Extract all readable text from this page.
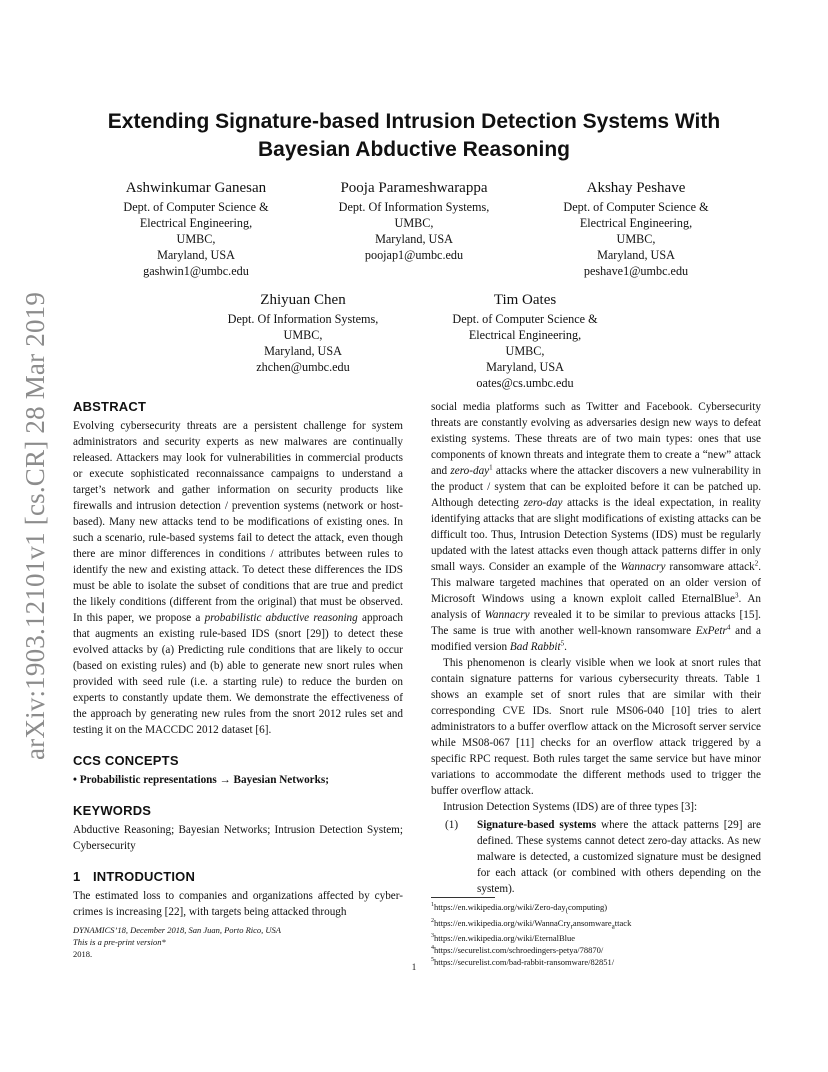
arXiv:1903.12101v1 [cs.CR] 28 Mar 2019
Extending Signature-based Intrusion Detection Systems With
Bayesian Abductive Reasoning
Ashwinkumar Ganesan
Dept. of Computer Science &
Electrical Engineering,
UMBC,
Maryland, USA
gashwin1@umbc.edu
Pooja Parameshwarappa
Dept. Of Information Systems,
UMBC,
Maryland, USA
poojap1@umbc.edu
Akshay Peshave
Dept. of Computer Science &
Electrical Engineering,
UMBC,
Maryland, USA
peshave1@umbc.edu
Zhiyuan Chen
Dept. Of Information Systems,
UMBC,
Maryland, USA
zhchen@umbc.edu
Tim Oates
Dept. of Computer Science &
Electrical Engineering,
UMBC,
Maryland, USA
oates@cs.umbc.edu
ABSTRACT

Evolving cybersecurity threats are a persistent challenge for system administrators and security experts as new malwares are continually released. Attackers may look for vulnerabilities in commercial products or execute sophisticated reconnaissance campaigns to understand a target’s network and gather information on security products like firewalls and intrusion detection / prevention systems (network or host-based). Many new attacks tend to be modifications of existing ones. In such a scenario, rule-based systems fail to detect the attack, even though there are minor differences in conditions / attributes between rules to identify the new and existing attack. To detect these differences the IDS must be able to isolate the subset of conditions that are true and predict the likely conditions (different from the original) that must be observed. In this paper, we propose a probabilistic abductive reasoning approach that augments an existing rule-based IDS (snort [29]) to detect these evolved attacks by (a) Predicting rule conditions that are likely to occur (based on existing rules) and (b) able to generate new snort rules when provided with seed rule (i.e. a starting rule) to reduce the burden on experts to constantly update them. We demonstrate the effectiveness of the approach by generating new rules from the snort 2012 rules set and testing it on the MACCDC 2012 dataset [6].

CCS CONCEPTS

• Probabilistic representations → Bayesian Networks;

KEYWORDS

Abductive Reasoning; Bayesian Networks; Intrusion Detection System; Cybersecurity

1 INTRODUCTION

The estimated loss to companies and organizations affected by cyber-crimes is increasing [22], with targets being attacked through

DYNAMICS’18, December 2018, San Juan, Porto Rico, USA
This is a pre-print version*
2018.

social media platforms such as Twitter and Facebook. Cybersecurity threats are constantly evolving as adversaries design new ways to defeat existing systems. These threats are of two main types: ones that use components of known threats and integrate them to create a “new” attack and zero-day$^1$ attacks where the attacker discovers a new vulnerability in the product / system that can be exploited before it can be patched up. Although detecting zero-day attacks is the ideal expectation, in reality identifying attacks that are slight modifications of existing attacks can be difficult too. Thus, Intrusion Detection Systems (IDS) must be regularly updated with the latest attacks even though attack patterns differ in only small ways. Consider an example of the Wannacry ransomware attack$^2$. This malware targeted machines that operated on an older version of Microsoft Windows using a known exploit called EternalBlue$^3$. An analysis of Wannacry revealed it to be similar to previous attacks [15]. The same is true with another well-known ransomware ExPetr$^4$ and a modified version Bad Rabbit$^5$.

This phenomenon is clearly visible when we look at snort rules that contain signature patterns for various cybersecurity threats. Table 1 shows an example set of snort rules that are similar with their corresponding CVE IDs. Snort rule MS06-040 [10] tries to alert administrators to a buffer overflow attack on the Microsoft server service while MS08-067 [11] checks for an overflow attack triggered by a specific RPC request. Both rules target the same service but have minor variations to accommodate the different methods used to trigger the buffer overflow attack.

Intrusion Detection Systems (IDS) are of three types [3]:

(1)	Signature-based systems where the attack patterns [29] are defined. These systems cannot detect zero-day attacks. As new malware is detected, a customized signature must be designed for each attack (or combined with others depending on the system).
$^1$https://en.wikipedia.org/wiki/Zero-day$_($computing)
$^2$https://en.wikipedia.org/wiki/WannaCry$_r$ansomware$_a$ttack
$^3$https://en.wikipedia.org/wiki/EternalBlue
$^4$https://securelist.com/schroedingers-petya/78870/
$^5$https://securelist.com/bad-rabbit-ransomware/82851/
1
